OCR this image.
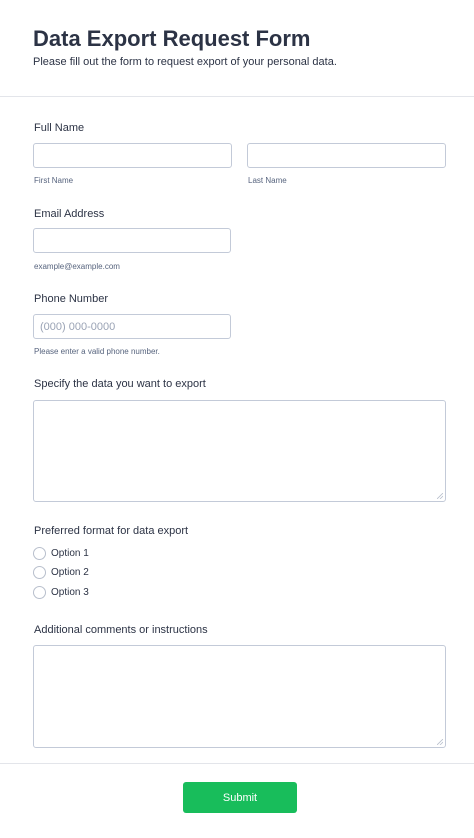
Data Export Request Form
Please fill out the form to request export of your personal data.
Full Name
First Name	Last Name
Email Address
example@example.com
Phone Number
(000) 000-0000
Please enter a valid phone number.
Specify the data you want to export
Preferred format for data export
Option 1
Option 2
Option 3
Additional comments or instructions
Submit
